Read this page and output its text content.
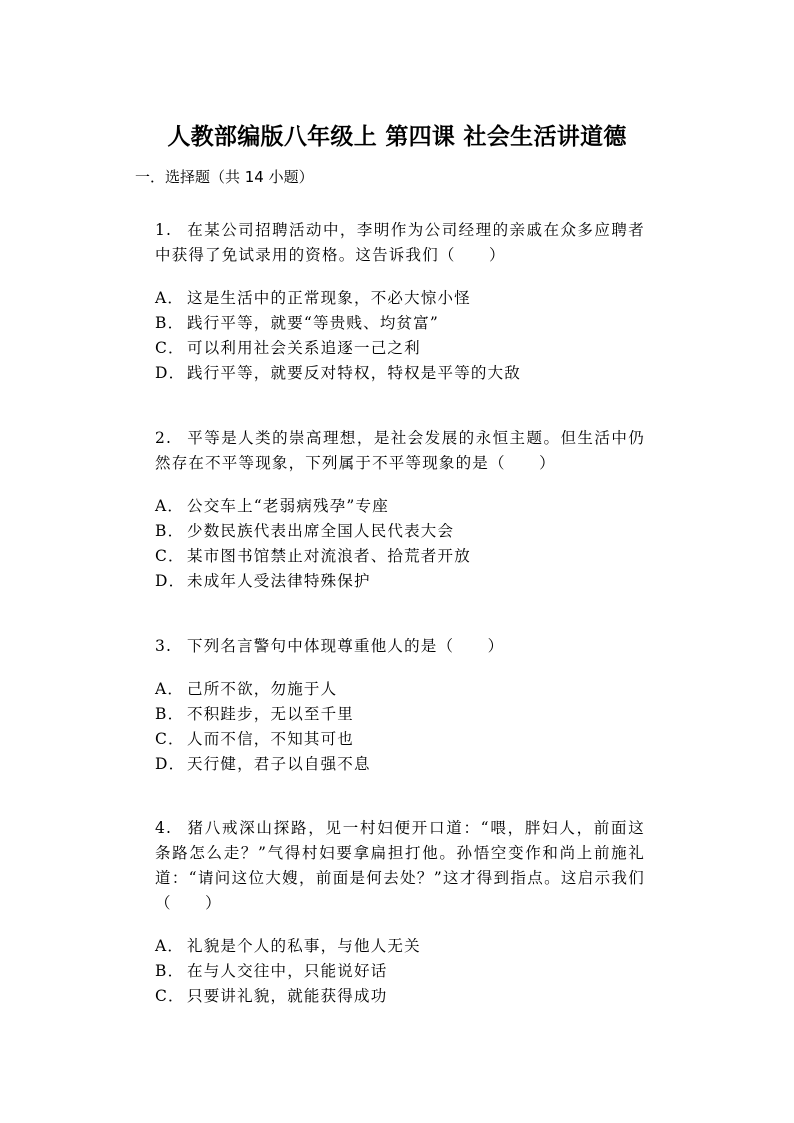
人教部编版八年级上 第四课 社会生活讲道德
一．选择题（共 14 小题）

1. 在某公司招聘活动中，李明作为公司经理的亲戚在众多应聘者中获得了免试录用的资格。这告诉我们（　　）

A． 这是生活中的正常现象，不必大惊小怪

B． 践行平等，就要“等贵贱、均贫富”

C． 可以利用社会关系追逐一己之利

D． 践行平等，就要反对特权，特权是平等的大敌

2. 平等是人类的崇高理想，是社会发展的永恒主题。但生活中仍然存在不平等现象，下列属于不平等现象的是（　　）

A． 公交车上“老弱病残孕”专座

B． 少数民族代表出席全国人民代表大会

C． 某市图书馆禁止对流浪者、拾荒者开放

D． 未成年人受法律特殊保护

3. 下列名言警句中体现尊重他人的是（　　）

A． 己所不欲，勿施于人

B． 不积跬步，无以至千里

C． 人而不信，不知其可也

D． 天行健，君子以自强不息

4. 猪八戒深山探路，见一村妇便开口道：“喂，胖妇人，前面这条路怎么走？”气得村妇要拿扁担打他。孙悟空变作和尚上前施礼道：“请问这位大嫂，前面是何去处？”这才得到指点。这启示我们（　　）

A． 礼貌是个人的私事，与他人无关

B． 在与人交往中，只能说好话

C． 只要讲礼貌，就能获得成功
